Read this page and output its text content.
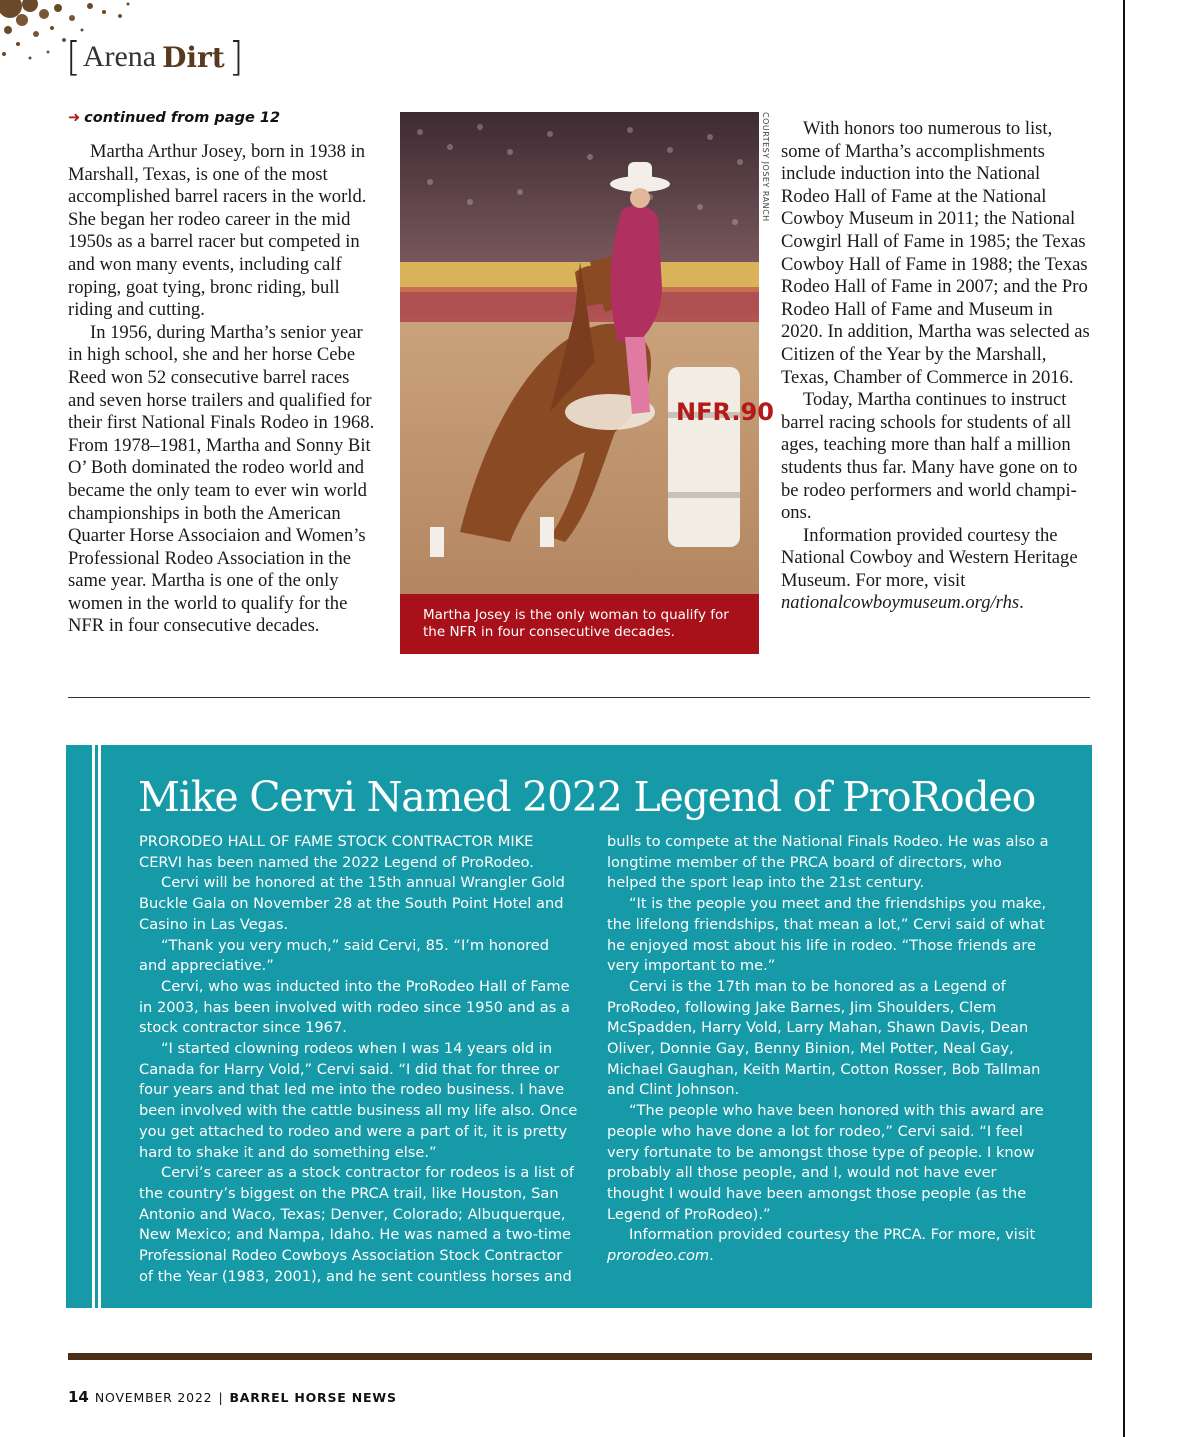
[ Arena Dirt ]
➜ continued from page 12

Martha Arthur Josey, born in 1938 in Marshall, Texas, is one of the most accomplished barrel racers in the world. She began her rodeo career in the mid 1950s as a barrel racer but competed in and won many events, including calf roping, goat tying, bronc riding, bull riding and cutting.

In 1956, during Martha’s senior year in high school, she and her horse Cebe Reed won 52 consecutive barrel races and seven horse trailers and qualified for their first National Finals Rodeo in 1968. From 1978–1981, Martha and Sonny Bit O’ Both dominated the rodeo world and became the only team to ever win world championships in both the American Quarter Horse Associaion and Women’s Professional Rodeo Association in the same year. Martha is one of the only women in the world to qualify for the NFR in four consecutive decades.

NFR.90
COURTESY JOSEY RANCH
Martha Josey is the only woman to qualify for the NFR in four consecutive decades.

With honors too numerous to list, some of Martha’s accomplishments include induction into the National Rodeo Hall of Fame at the National Cowboy Museum in 2011; the National Cowgirl Hall of Fame in 1985; the Texas Cowboy Hall of Fame in 1988; the Texas Rodeo Hall of Fame in 2007; and the Pro Rodeo Hall of Fame and Museum in 2020. In addition, Martha was selected as Citizen of the Year by the Marshall, Texas, Chamber of Commerce in 2016.

Today, Martha continues to instruct barrel racing schools for students of all ages, teaching more than half a million students thus far. Many have gone on to be rodeo performers and world champi-ons.

Information provided courtesy the National Cowboy and Western Heritage Museum. For more, visit nationalcowboymuseum.org/rhs.

Mike Cervi Named 2022 Legend of ProRodeo

PRORODEO HALL OF FAME STOCK CONTRACTOR MIKE CERVI has been named the 2022 Legend of ProRodeo.

Cervi will be honored at the 15th annual Wrangler Gold Buckle Gala on November 28 at the South Point Hotel and Casino in Las Vegas.

“Thank you very much,” said Cervi, 85. “I’m honored and appreciative.”

Cervi, who was inducted into the ProRodeo Hall of Fame in 2003, has been involved with rodeo since 1950 and as a stock contractor since 1967.

“I started clowning rodeos when I was 14 years old in Canada for Harry Vold,” Cervi said. “I did that for three or four years and that led me into the rodeo business. I have been involved with the cattle business all my life also. Once you get attached to rodeo and were a part of it, it is pretty hard to shake it and do something else.”

Cervi’s career as a stock contractor for rodeos is a list of the country’s biggest on the PRCA trail, like Houston, San Antonio and Waco, Texas; Denver, Colorado; Albuquerque, New Mexico; and Nampa, Idaho. He was named a two-time Professional Rodeo Cowboys Association Stock Contractor of the Year (1983, 2001), and he sent countless horses and

bulls to compete at the National Finals Rodeo. He was also a longtime member of the PRCA board of directors, who helped the sport leap into the 21st century.

“It is the people you meet and the friendships you make, the lifelong friendships, that mean a lot,” Cervi said of what he enjoyed most about his life in rodeo. “Those friends are very important to me.”

Cervi is the 17th man to be honored as a Legend of ProRodeo, following Jake Barnes, Jim Shoulders, Clem McSpadden, Harry Vold, Larry Mahan, Shawn Davis, Dean Oliver, Donnie Gay, Benny Binion, Mel Potter, Neal Gay, Michael Gaughan, Keith Martin, Cotton Rosser, Bob Tallman and Clint Johnson.

“The people who have been honored with this award are people who have done a lot for rodeo,” Cervi said. “I feel very fortunate to be amongst those type of people. I know probably all those people, and I, would not have ever thought I would have been amongst those people (as the Legend of ProRodeo).”

Information provided courtesy the PRCA. For more, visit prorodeo.com.

14 NOVEMBER 2022 | BARREL HORSE NEWS
